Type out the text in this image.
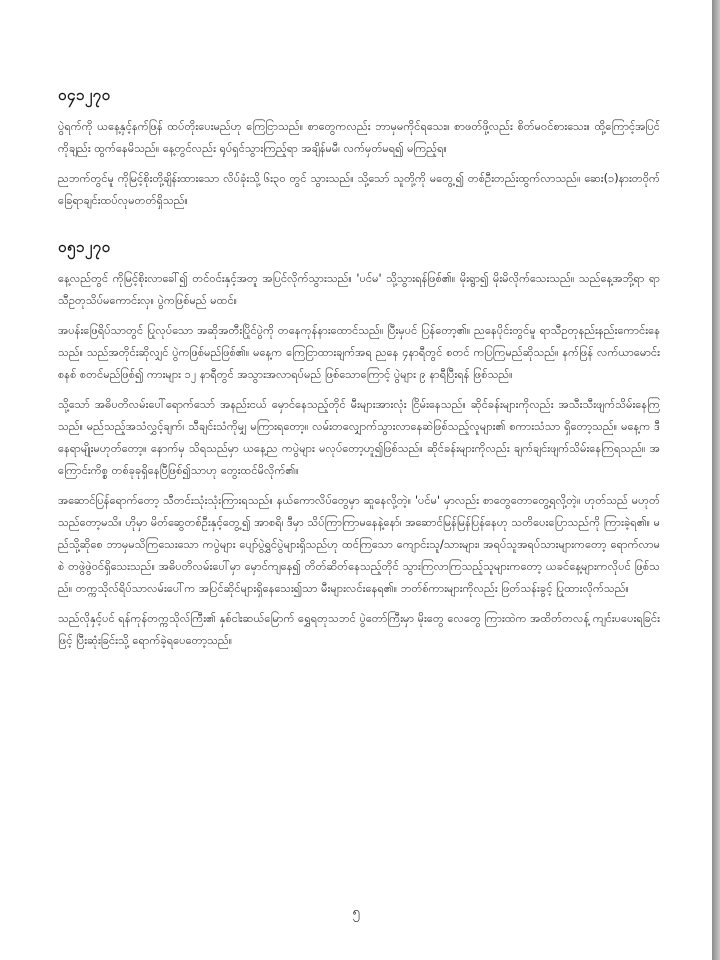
၀၄၁၂၇၀

ပွဲရက်ကို ယနေ့နှင့်နက်ဖြန် ထပ်တိုးပေးမည်ဟု ကြေငြာသည်။ စာတွေကလည်း ဘာမှမကိုင်ရသေး။ စာဖတ်ဖို့လည်း စိတ်မဝင်စားသေး။ ထို့ကြောင့်အပြင်ကိုချည်း ထွက်နေမိသည်။ နေ့တွင်လည်း ရုပ်ရှင်သွားကြည့်ရာ အချိန်မမီ၊ လက်မှတ်မရ၍ မကြည့်ရ။

ညဘက်တွင်မူ ကိုမြင့်စိုးတို့ချိန်းထားသော လိပ်ခုံးသို့ ၆း၃၀ တွင် သွားသည်။ သို့သော် သူတို့ကို မတွေ့၍ တစ်ဦးတည်းထွက်လာသည်။ ဆေး(၁)နားတဝိုက် ခြေရာချင်းထပ်လုမတတ်ရှိသည်။

၀၅၁၂၇၀

နေ့လည်တွင် ကိုမြင့်စိုးလာခေါ်၍ တင်ဝင်းနှင့်အတူ အပြင်လိုက်သွားသည်။ 'ပင်မ' သို့သွားရန်ဖြစ်၏။ မိုးရွာ၍ မိုးမိလိုက်သေးသည်။ သည်နေ့အဘို့ရာ ရာသီဥတုသိပ်မကောင်းလှ။ ပွဲကဖြစ်မည် မထင်။

အပန်းဖြေရိပ်သာတွင် ပြုလုပ်သော အဆိုအတီးပြိုင်ပွဲကို တနေကုန်နားထောင်သည်။ ပြီးမှပင် ပြန်တော့၏။ ညနေပိုင်းတွင်မူ ရာသီဥတုနည်းနည်းကောင်းနေသည်။ သည်အတိုင်းဆိုလျှင် ပွဲကဖြစ်မည်ဖြစ်၏။ မနေ့က ကြေငြာထားချက်အရ ညနေ ၄နာရီတွင် စတင် ကပြကြမည်ဆိုသည်။ နက်ဖြန် လက်ယာမောင်းစနစ် စတင်မည်ဖြစ်၍ ကားများ ၁၂ နာရီတွင် အသွားအလာရပ်မည် ဖြစ်သောကြောင့် ပွဲများ ၉ နာရီပြီးရန် ဖြစ်သည်။

သို့သော် အဓိပတိလမ်းပေါ်ရောက်သော် အနည်းငယ် မှောင်နေသည့်တိုင် မီးများအားလုံး ငြိမ်းနေသည်။ ဆိုင်ခန်းများကိုလည်း အသီးသီးဖျက်သိမ်းနေကြသည်။ မည်သည့်အသံလွှင့်ချက်၊ သီချင်းသံကိုမျှ မကြားရတော့။ လမ်းတလျှောက်သွားလာနေဆဲဖြစ်သည့်လူများ၏ စကားသံသာ ရှိတော့သည်။ မနေ့က ဒီနေရာမျိုးမဟုတ်တော့။ နောက်မှ သိရသည်မှာ ယနေ့ည ကပွဲများ မလုပ်တော့ဟူ၍ဖြစ်သည်။ ဆိုင်ခန်းများကိုလည်း ချက်ချင်းဖျက်သိမ်းနေကြရသည်။ အကြောင်းကိစ္စ တစ်ခုခုရှိနေပြီဖြစ်၍သာဟု တွေးထင်မိလိုက်၏။

အဆောင်ပြန်ရောက်တော့ သီတင်းသုံးသုံးကြားရသည်။ နယ်ကောလိပ်တွေမှာ ဆူနေလို့တဲ့။ 'ပင်မ' မှာလည်း စာတွေတောတွေ့ရလို့တဲ့။ ဟုတ်သည် မဟုတ်သည်တော့မသိ။ ဟိုမှာ မိတ်ဆွေတစ်ဦးနှင့်တွေ့၍ အာစရိ၊ ဒီမှာ သိပ်ကြာကြာမနေနဲ့နော်၊ အဆောင်မြန်မြန်ပြန်နေဟု သတိပေးပြောသည်ကို ကြားခဲ့ရ၏။ မည်သို့ဆိုစေ ဘာမှမသိကြသေးသော ကပွဲများ ပျော်ပွဲရွှင်ပွဲများရှိသည်ဟု ထင်ကြသော ကျောင်းသူ/သားများ၊ အရပ်သူအရပ်သားများကတော့ ရောက်လာမစဲ တဖွဲဖွဲဝင်ရှိသေးသည်။ အဓိပတိလမ်းပေါ်မှာ မှောင်ကျနေ၍ တိတ်ဆိတ်နေသည့်တိုင် သွားကြလာကြသည့်သူများကတော့ ယခင်နေ့များကလိုပင် ဖြစ်သည်။ တက္ကသိုလ်ရိပ်သာလမ်းပေါ်က အပြင်ဆိုင်များရှိနေသေး၍သာ မီးများလင်းနေရ၏။ ဘတ်စ်ကားများကိုလည်း ဖြတ်သန်းခွင့် ပြုထားလိုက်သည်။

သည်လိုနှင့်ပင် ရန်ကုန်တက္ကသိုလ်ကြီး၏ နှစ်ငါးဆယ်မြောက် ရွှေရတုသဘင် ပွဲတော်ကြီးမှာ မိုးတွေ လေတွေ ကြားထဲက အထိတ်တလန့် ကျင်းပပေးရခြင်းဖြင့် ပြီးဆုံးခြင်းသို့ ရောက်ခဲ့ရပေတော့သည်။

၅
